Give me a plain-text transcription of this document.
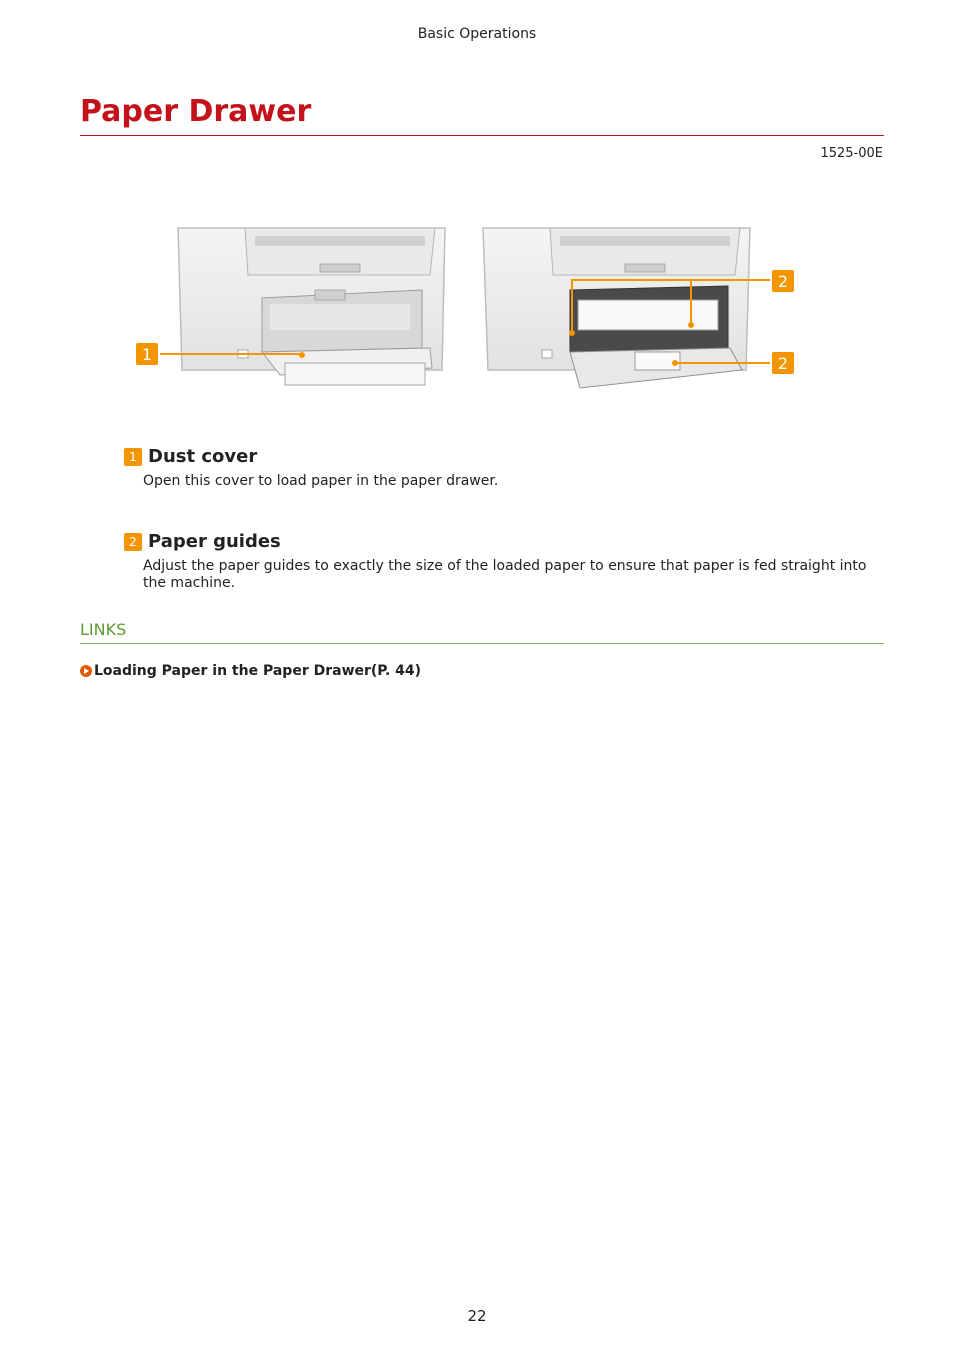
Basic Operations
Paper Drawer
1525-00E
1
2
2
1 Dust cover
Open this cover to load paper in the paper drawer.
2 Paper guides
Adjust the paper guides to exactly the size of the loaded paper to ensure that paper is fed straight into the machine.
LINKS
Loading Paper in the Paper Drawer(P. 44)
22
